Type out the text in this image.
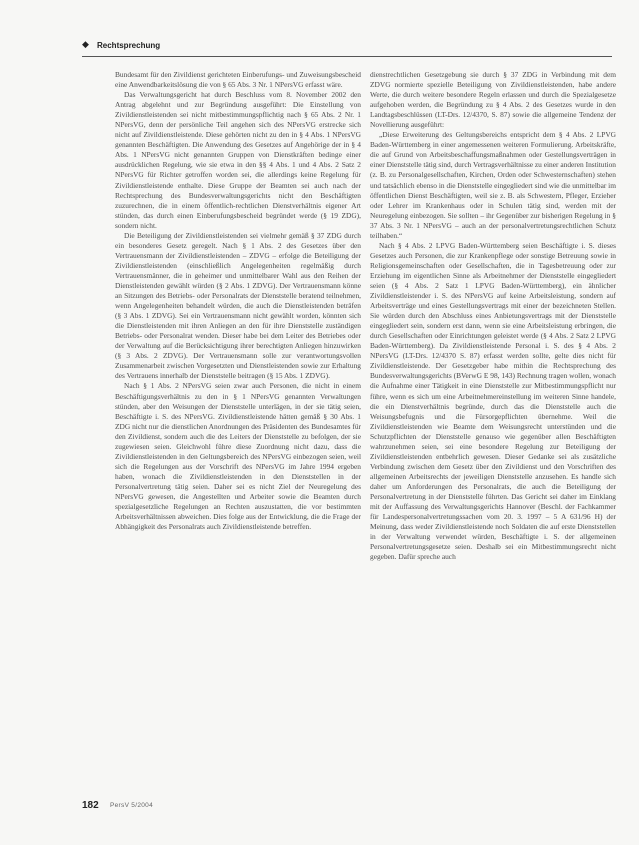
◆ Rechtsprechung

Bundesamt für den Zivildienst gerichteten Einberufungs- und Zuweisungsbescheid eine Anwendbarkeitslösung die von § 65 Abs. 3 Nr. 1 NPersVG erfasst wäre.

Das Verwaltungsgericht hat durch Beschluss vom 8. November 2002 den Antrag abgelehnt und zur Begründung ausgeführt: Die Einstellung von Zivildienstleistenden sei nicht mitbestimmungspflichtig nach § 65 Abs. 2 Nr. 1 NPersVG, denn der persönliche Teil angehen sich des NPersVG erstrecke sich nicht auf Zivildienstleistende. Diese gehörten nicht zu den in § 4 Abs. 1 NPersVG genannten Beschäftigten. Die Anwendung des Gesetzes auf Angehörige der in § 4 Abs. 1 NPersVG nicht genannten Gruppen von Dienstkräften bedinge einer ausdrücklichen Regelung, wie sie etwa in den §§ 4 Abs. 1 und 4 Abs. 2 Satz 2 NPersVG für Richter getroffen worden sei, die allerdings keine Regelung für Zivildienstleistende enthalte. Diese Gruppe der Beamten sei auch nach der Rechtsprechung des Bundesverwaltungsgerichts nicht den Beschäftigten zuzurechnen, die in einem öffentlich-rechtlichen Dienstverhältnis eigener Art stünden, das durch einen Einberufungsbescheid begründet werde (§ 19 ZDG), sondern nicht.

Die Beteiligung der Zivildienstleistenden sei vielmehr gemäß § 37 ZDG durch ein besonderes Gesetz geregelt. Nach § 1 Abs. 2 des Gesetzes über den Vertrauensmann der Zivildienstleistenden – ZDVG – erfolge die Beteiligung der Zivildienstleistenden (einschließlich Angelegenheiten regelmäßig durch Vertrauensmänner, die in geheimer und unmittelbarer Wahl aus den Reihen der Dienstleistenden gewählt würden (§ 2 Abs. 1 ZDVG). Der Vertrauensmann könne an Sitzungen des Betriebs- oder Personalrats der Dienststelle beratend teilnehmen, wenn Angelegenheiten behandelt würden, die auch die Dienstleistenden beträfen (§ 3 Abs. 1 ZDVG). Sei ein Vertrauensmann nicht gewählt worden, könnten sich die Dienstleistenden mit ihren Anliegen an den für ihre Dienststelle zuständigen Betriebs- oder Personalrat wenden. Dieser habe bei dem Leiter des Betriebes oder der Verwaltung auf die Berücksichtigung ihrer berechtigten Anliegen hinzuwirken (§ 3 Abs. 2 ZDVG). Der Vertrauensmann solle zur verantwortungsvollen Zusammenarbeit zwischen Vorgesetzten und Dienstleistenden sowie zur Erhaltung des Vertrauens innerhalb der Dienststelle beitragen (§ 15 Abs. 1 ZDVG).

Nach § 1 Abs. 2 NPersVG seien zwar auch Personen, die nicht in einem Beschäftigungsverhältnis zu den in § 1 NPersVG genannten Verwaltungen stünden, aber den Weisungen der Dienststelle unterlägen, in der sie tätig seien, Beschäftigte i. S. des NPersVG. Zivildienstleistende hätten gemäß § 30 Abs. 1 ZDG nicht nur die dienstlichen Anordnungen des Präsidenten des Bundesamtes für den Zivildienst, sondern auch die des Leiters der Dienststelle zu befolgen, der sie zugewiesen seien. Gleichwohl führe diese Zuordnung nicht dazu, dass die Zivildienstleistenden in den Geltungsbereich des NPersVG einbezogen seien, weil sich die Regelungen aus der Vorschrift des NPersVG im Jahre 1994 ergeben haben, wonach die Zivildienstleistenden in den Dienststellen in der Personalvertretung tätig seien. Daher sei es nicht Ziel der Neuregelung des NPersVG gewesen, die Angestellten und Arbeiter sowie die Beamten durch spezialgesetzliche Regelungen an Rechten auszustatten, die vor bestimmten Arbeitsverhältnissen abweichen. Dies folge aus der Entwicklung, die die Frage der Abhängigkeit des Personalrats auch Zivildienstleistende betreffen.

dienstrechtlichen Gesetzgebung sie durch § 37 ZDG in Verbindung mit dem ZDVG normierte spezielle Beteiligung von Zivildienstleistenden, habe andere Werte, die durch weitere besondere Regeln erlassen und durch die Spezialgesetze aufgehoben werden, die Begründung zu § 4 Abs. 2 des Gesetzes wurde in den Landtagsbeschlüssen (LT-Drs. 12/4370, S. 87) sowie die allgemeine Tendenz der Novellierung ausgeführt:

„Diese Erweiterung des Geltungsbereichs entspricht dem § 4 Abs. 2 LPVG Baden-Württemberg in einer angemessenen weiteren Formulierung. Arbeitskräfte, die auf Grund von Arbeitsbeschaffungsmaßnahmen oder Gestellungsverträgen in einer Dienststelle tätig sind, durch Vertragsverhältnisse zu einer anderen Institution (z. B. zu Personalgesellschaften, Kirchen, Orden oder Schwesternschaften) stehen und tatsächlich ebenso in die Dienststelle eingegliedert sind wie die unmittelbar im öffentlichen Dienst Beschäftigten, weil sie z. B. als Schwestern, Pfleger, Erzieher oder Lehrer im Krankenhaus oder in Schulen tätig sind, werden mit der Neuregelung einbezogen. Sie sollten – ihr Gegenüber zur bisherigen Regelung in § 37 Abs. 3 Nr. 1 NPersVG – auch an der personalvertretungsrechtlichen Schutz teilhaben.“

Nach § 4 Abs. 2 LPVG Baden-Württemberg seien Beschäftigte i. S. dieses Gesetzes auch Personen, die zur Krankenpflege oder sonstige Betreuung sowie in Religionsgemeinschaften oder Gesellschaften, die in Tagesbetreuung oder zur Erziehung im eigentlichen Sinne als Arbeitnehmer der Dienststelle eingegliedert seien (§ 4 Abs. 2 Satz 1 LPVG Baden-Württemberg), ein ähnlicher Zivildienstleistender i. S. des NPersVG auf keine Arbeitsleistung, sondern auf Arbeitsverträge und eines Gestellungsvertrags mit einer der bezeichneten Stellen. Sie würden durch den Abschluss eines Anbietungsvertrags mit der Dienststelle eingegliedert sein, sondern erst dann, wenn sie eine Arbeitsleistung erbringen, die durch Gesellschaften oder Einrichtungen geleistet werde (§ 4 Abs. 2 Satz 2 LPVG Baden-Württemberg). Da Zivildienstleistende Personal i. S. des § 4 Abs. 2 NPersVG (LT-Drs. 12/4370 S. 87) erfasst werden sollte, gelte dies nicht für Zivildienstleistende. Der Gesetzgeber habe mithin die Rechtsprechung des Bundesverwaltungsgerichts (BVerwG E 98, 143) Rechnung tragen wollen, wonach die Aufnahme einer Tätigkeit in eine Dienststelle zur Mitbestimmungspflicht nur führe, wenn es sich um eine Arbeitnehmereinstellung im weiteren Sinne handele, die ein Dienstverhältnis begründe, durch das die Dienststelle auch die Weisungsbefugnis und die Fürsorgepflichten übernehme. Weil die Zivildienstleistenden wie Beamte dem Weisungsrecht unterstünden und die Schutzpflichten der Dienststelle genauso wie gegenüber allen Beschäftigten wahrzunehmen seien, sei eine besondere Regelung zur Beteiligung der Zivildienstleistenden entbehrlich gewesen. Dieser Gedanke sei als zusätzliche Verbindung zwischen dem Gesetz über den Zivildienst und den Vorschriften des allgemeinen Arbeitsrechts der jeweiligen Dienststelle anzusehen. Es handle sich daher um Anforderungen des Personalrats, die auch die Beteiligung der Personalvertretung in der Dienststelle führten. Das Gericht sei daher im Einklang mit der Auffassung des Verwaltungsgerichts Hannover (Beschl. der Fachkammer für Landespersonalvertretungssachen vom 20. 3. 1997 – 5 A 631/96 H) der Meinung, dass weder Zivildienstleistende noch Soldaten die auf erste Dienststellen in der Verwaltung verwendet würden, Beschäftigte i. S. der allgemeinen Personalvertretungsgesetze seien. Deshalb sei ein Mitbestimmungsrecht nicht gegeben. Dafür spreche auch

182 PersV 5/2004
